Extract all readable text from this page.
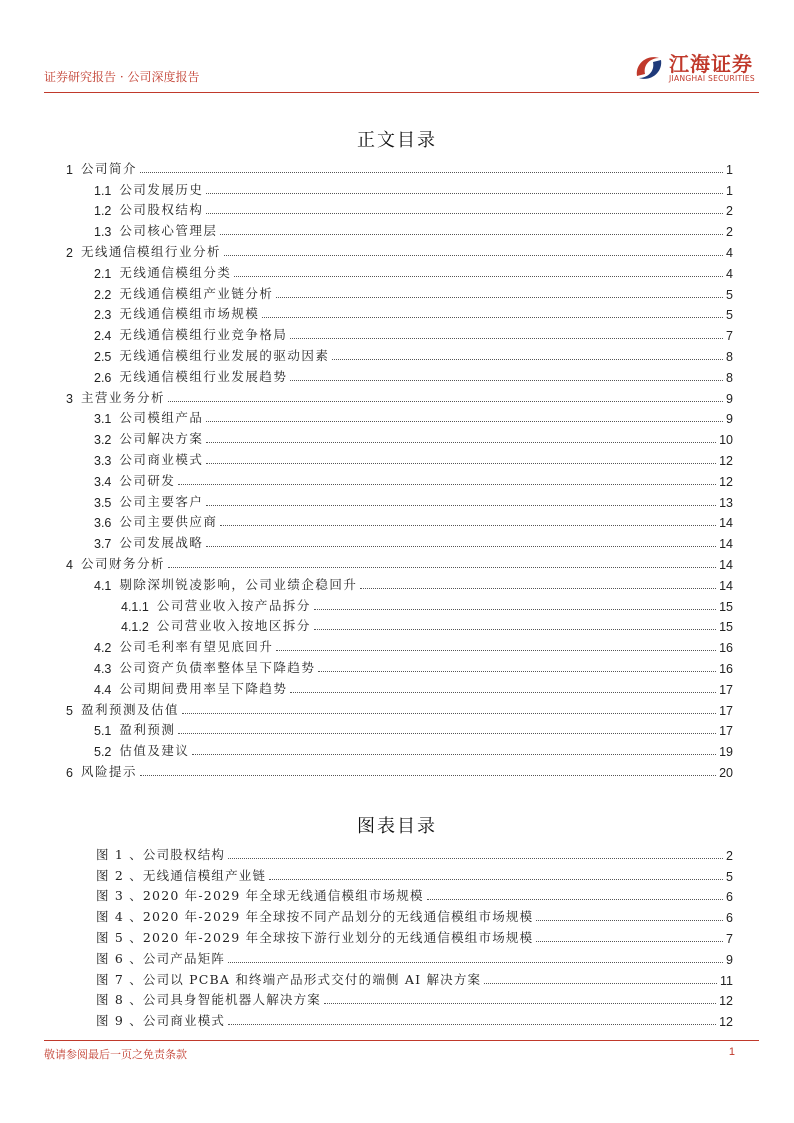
证券研究报告 · 公司深度报告
江海证券
JIANGHAI SECURITIES
正文目录
1 公司简介	1
1.1 公司发展历史	1
1.2 公司股权结构	2
1.3 公司核心管理层	2
2 无线通信模组行业分析	4
2.1 无线通信模组分类	4
2.2 无线通信模组产业链分析	5
2.3 无线通信模组市场规模	5
2.4 无线通信模组行业竞争格局	7
2.5 无线通信模组行业发展的驱动因素	8
2.6 无线通信模组行业发展趋势	8
3 主营业务分析	9
3.1 公司模组产品	9
3.2 公司解决方案	10
3.3 公司商业模式	12
3.4 公司研发	12
3.5 公司主要客户	13
3.6 公司主要供应商	14
3.7 公司发展战略	14
4 公司财务分析	14
4.1 剔除深圳锐凌影响，公司业绩企稳回升	14
4.1.1 公司营业收入按产品拆分	15
4.1.2 公司营业收入按地区拆分	15
4.2 公司毛利率有望见底回升	16
4.3 公司资产负债率整体呈下降趋势	16
4.4 公司期间费用率呈下降趋势	17
5 盈利预测及估值	17
5.1 盈利预测	17
5.2 估值及建议	19
6 风险提示	20
图表目录
图 1 、公司股权结构	2
图 2 、无线通信模组产业链	5
图 3 、2020 年-2029 年全球无线通信模组市场规模	6
图 4 、2020 年-2029 年全球按不同产品划分的无线通信模组市场规模	6
图 5 、2020 年-2029 年全球按下游行业划分的无线通信模组市场规模	7
图 6 、公司产品矩阵	9
图 7 、公司以 PCBA 和终端产品形式交付的端侧 AI 解决方案	11
图 8 、公司具身智能机器人解决方案	12
图 9 、公司商业模式	12
敬请参阅最后一页之免责条款	1
